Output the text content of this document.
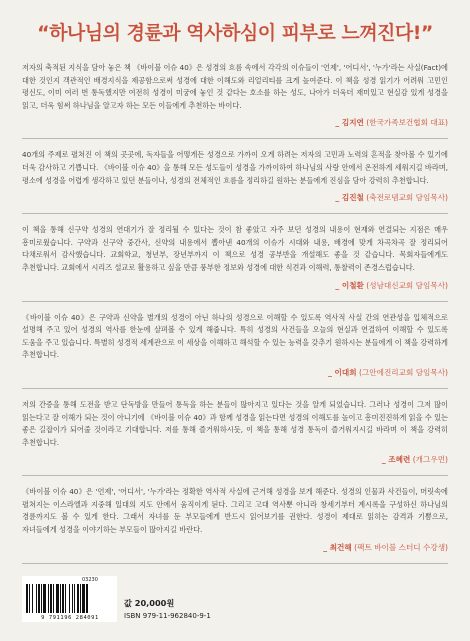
“하나님의 경륜과 역사하심이 피부로 느껴진다!”

저자의 축적된 지식을 담아 놓은 책 《바이블 이슈 40》은 성경의 흐름 속에서 각각의 이슈들이 '언제', '어디서', '누가'라는 사실(Fact)에 대한 것인지 객관적인 배경지식을 제공함으로써 성경에 대한 이해도와 리얼리티를 크게 높여준다. 이 책을 성경 읽기가 어려워 고민인 평신도, 이미 여러 번 통독했지만 여전히 성경이 미궁에 놓인 것 같다는 호소를 하는 성도, 나아가 더욱더 재미있고 현실감 있게 성경을 읽고, 더욱 힘써 하나님을 알고자 하는 모든 이들에게 추천하는 바이다.

_ 김지연 (한국가족보건협회 대표)

40개의 주제로 펼쳐진 이 책의 곳곳에, 독자들을 어떻게든 성경으로 가까이 오게 하려는 저자의 고민과 노력의 흔적을 찾아볼 수 있기에 더욱 감사하고 기쁩니다. 《바이블 이슈 40》을 통해 모든 성도들이 성경을 가까이하여 하나님의 사랑 안에서 온전하게 세워지길 바라며, 평소에 성경을 어렵게 생각하고 있던 분들이나, 성경의 전체적인 흐름을 정리하길 원하는 분들에게 진심을 담아 강력히 추천합니다.

_ 김진철 (축전로뎀교회 담임목사)

이 책을 통해 신구약 성경의 연대기가 잘 정리될 수 있다는 것이 참 좋았고 자주 보던 성경의 내용이 현재와 연결되는 지점은 매우 흥미로웠습니다. 구약과 신구약 중간사, 신약의 내용에서 뽑아낸 40개의 이슈가 시대와 내용, 배경에 맞게 차곡차곡 잘 정리되어 다채로워서 감사했습니다. 교회학교, 청년부, 장년부까지 이 책으로 성경 공부반을 개설해도 좋을 것 같습니다. 목회자들에게도 추천합니다. 교회에서 시리즈 설교로 활용하고 싶을 만큼 풍부한 정보와 성경에 대한 식견과 이해력, 통찰력이 존경스럽습니다.

_ 이철환 (성남대신교회 담임목사)

《바이블 이슈 40》은 구약과 신약을 별개의 성경이 아닌 하나의 성경으로 이해할 수 있도록 역사적 사실 간의 연관성을 입체적으로 설명해 주고 있어 성경의 역사를 한눈에 살펴볼 수 있게 해줍니다. 특히 성경의 사건들을 오늘의 현실과 연결하여 이해할 수 있도록 도움을 주고 있습니다. 특별히 성경적 세계관으로 이 세상을 이해하고 해석할 수 있는 능력을 갖추기 원하시는 분들에게 이 책을 강력하게 추천합니다.

_ 이대희 (그안에진리교회 담임목사)

저의 간증을 통해 도전을 받고 단독방을 만들어 통독을 하는 분들이 많아지고 있다는 것을 알게 되었습니다. 그러나 성경이 그저 많이 읽는다고 잘 이해가 되는 것이 아니기에 《바이블 이슈 40》과 함께 성경을 읽는다면 성경의 이해도를 높이고 흥미진진하게 읽을 수 있는 좋은 길잡이가 되어줄 것이라고 기대합니다. 저를 통해 즐거워하시듯, 이 책을 통해 성경 통독이 즐거워지시길 바라며 이 책을 강력히 추천합니다.

_ 조혜련 (개그우먼)

《바이블 이슈 40》은 '언제', '어디서', '누가'라는 정확한 역사적 사실에 근거해 성경을 보게 해준다. 성경의 인물과 사건들이, 머릿속에 펼쳐지는 이스라엘과 지중해 일대의 지도 안에서 움직이게 된다. 그리고 고대 역사뿐 아니라 창세기부터 계시록을 구성하신 하나님의 경륜까지도 볼 수 있게 한다. 그래서 자녀를 둔 부모들에게 반드시 읽어보기를 권한다. 성경이 제대로 읽히는 감격과 기쁨으로, 자녀들에게 성경을 이야기하는 부모들이 많아지길 바란다.

_ 최건해 (팩트 바이블 스터디 수강생)
03230
9 791196 284091
값 20,000원
ISBN 979-11-962840-9-1
